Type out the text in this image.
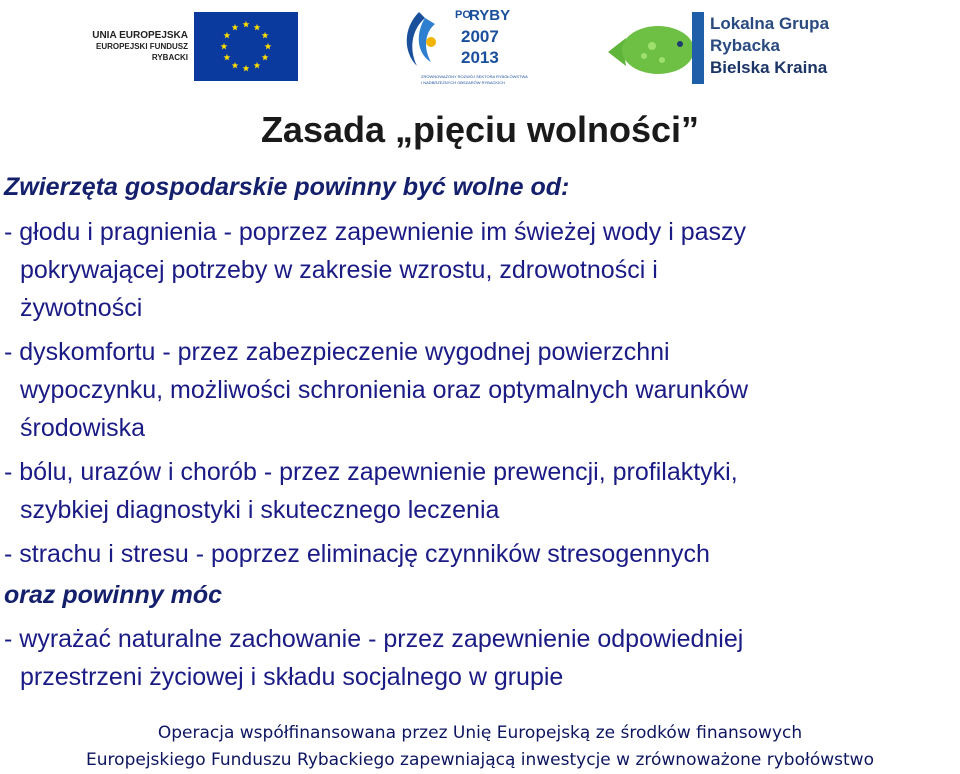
UNIA EUROPEJSKA
EUROPEJSKI FUNDUSZ
RYBACKI
PO
RYBY
2007
2013
ZRÓWNOWAŻONY ROZWÓJ SEKTORA RYBOŁÓWSTWA
I NADBRZEŻNYCH OBSZARÓW RYBACKICH
Lokalna Grupa
Rybacka
Bielska Kraina
Zasada „pięciu wolności”

Zwierzęta gospodarskie powinny być wolne od:

- głodu i pragnienia - poprzez zapewnienie im świeżej wody i paszy
pokrywającej potrzeby w zakresie wzrostu, zdrowotności i
żywotności
- dyskomfortu - przez zabezpieczenie wygodnej powierzchni
wypoczynku, możliwości schronienia oraz optymalnych warunków
środowiska
- bólu, urazów i chorób - przez zapewnienie prewencji, profilaktyki,
szybkiej diagnostyki i skutecznego leczenia
- strachu i stresu - poprzez eliminację czynników stresogennych

oraz powinny móc

- wyrażać naturalne zachowanie - przez zapewnienie odpowiedniej
przestrzeni życiowej i składu socjalnego w grupie
Operacja współfinansowana przez Unię Europejską ze środków finansowych
Europejskiego Funduszu Rybackiego zapewniającą inwestycje w zrównoważone rybołówstwo
